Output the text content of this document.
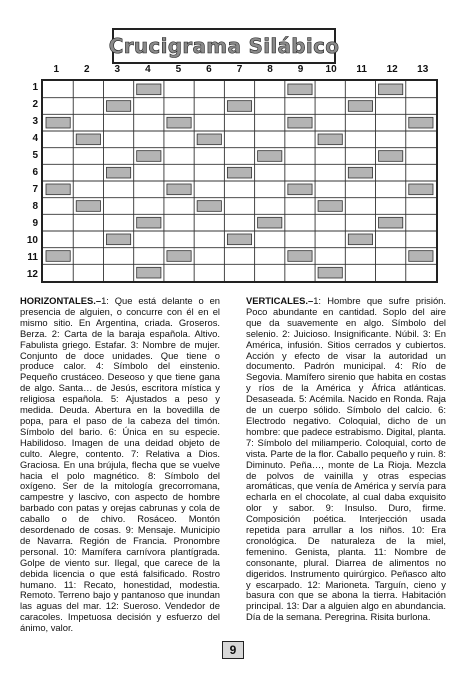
Crucigrama Silábico
1	2	3	4	5	6	7	8	9	10	11	12	13
1
2
3
4
5
6
7
8
9
10
11
12
HORIZONTALES.–1: Que está delante o en presencia de alguien, o concurre con él en el mismo sitio. En Argentina, criada. Groseros. Berza. 2: Carta de la baraja española. Altivo. Fabulista griego. Estafar. 3: Nombre de mujer. Conjunto de doce unidades. Que tiene o produce calor. 4: Símbolo del einstenio. Pequeño crustáceo. Deseoso y que tiene gana de algo. Santa… de Jesús, escritora mística y religiosa española. 5: Ajustados a peso y medida. Deuda. Abertura en la bovedilla de popa, para el paso de la cabeza del timón. Símbolo del bario. 6: Única en su especie. Habilidoso. Imagen de una deidad objeto de culto. Alegre, contento. 7: Relativa a Dios. Graciosa. En una brújula, flecha que se vuelve hacia el polo magnético. 8: Símbolo del oxígeno. Ser de la mitología grecorromana, campestre y lascivo, con aspecto de hombre barbado con patas y orejas cabrunas y cola de caballo o de chivo. Rosáceo. Montón desordenado de cosas. 9: Mensaje. Municipio de Navarra. Región de Francia. Pronombre personal. 10: Mamífera carnívora plantígrada. Golpe de viento sur. Ilegal, que carece de la debida licencia o que está falsificado. Rostro humano. 11: Recato, honestidad, modestia. Remoto. Terreno bajo y pantanoso que inundan las aguas del mar. 12: Sueroso. Vendedor de caracoles. Impetuosa decisión y esfuerzo del ánimo, valor.
VERTICALES.–1: Hombre que sufre prisión. Poco abundante en cantidad. Soplo del aire que da suavemente en algo. Símbolo del selenio. 2: Juicioso. Insignificante. Núbil. 3: En América, infusión. Sitios cerrados y cubiertos. Acción y efecto de visar la autoridad un documento. Padrón municipal. 4: Río de Segovia. Mamífero sirenio que habita en costas y ríos de la América y África atlánticas. Desaseada. 5: Acémila. Nacido en Ronda. Raja de un cuerpo sólido. Símbolo del calcio. 6: Electrodo negativo. Coloquial, dicho de un hombre: que padece estrabismo. Digital, planta. 7: Símbolo del miliamperio. Coloquial, corto de vista. Parte de la flor. Caballo pequeño y ruin. 8: Diminuto. Peña…, monte de La Rioja. Mezcla de polvos de vainilla y otras especias aromáticas, que venía de América y servía para echarla en el chocolate, al cual daba exquisito olor y sabor. 9: Insulso. Duro, firme. Composición poética. Interjección usada repetida para arrullar a los niños. 10: Era cronológica. De naturaleza de la miel, femenino. Genista, planta. 11: Nombre de consonante, plural. Diarrea de alimentos no digeridos. Instrumento quirúrgico. Peñasco alto y escarpado. 12: Marioneta. Targuín, cieno y basura con que se abona la tierra. Habitación principal. 13: Dar a alguien algo en abundancia. Día de la semana. Peregrina. Risita burlona.
9
